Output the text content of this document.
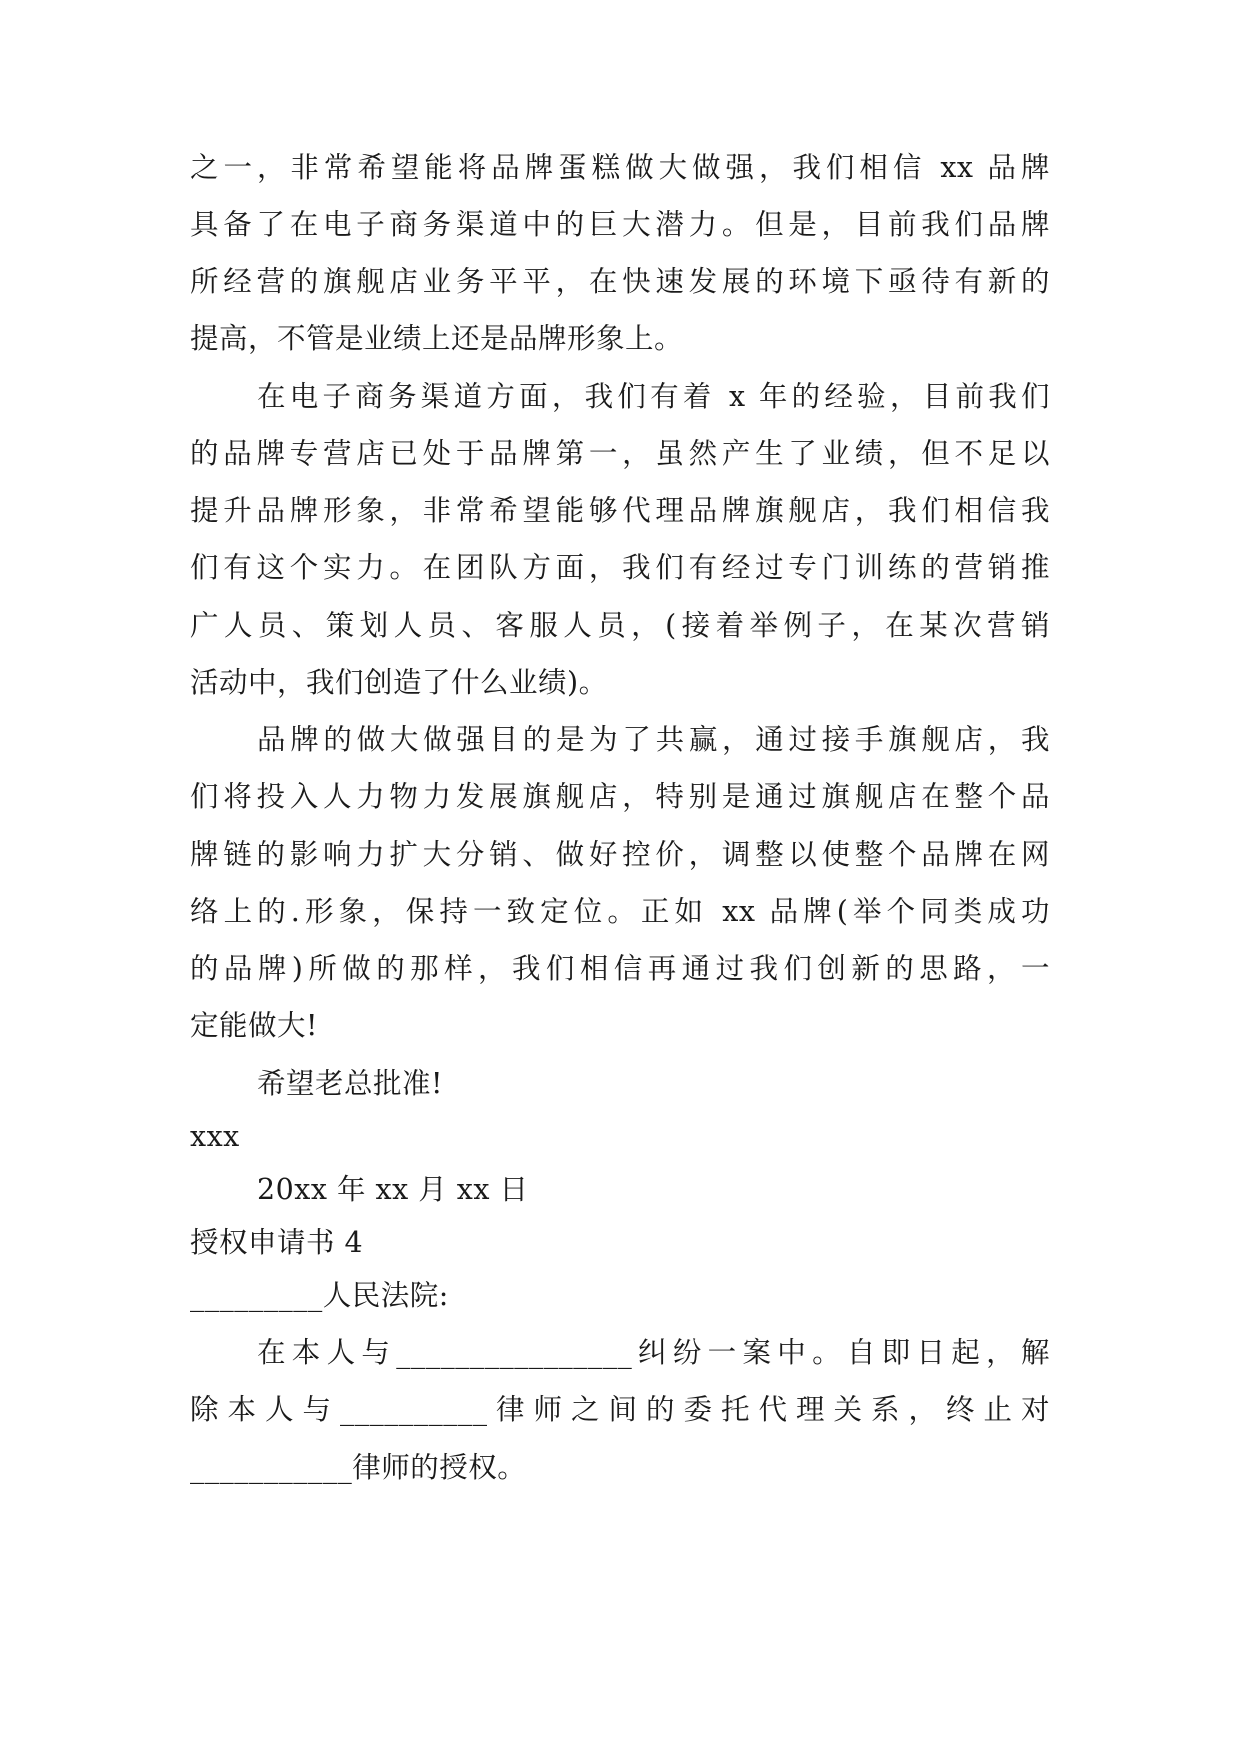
之一，非常希望能将品牌蛋糕做大做强，我们相信 xx 品牌
具备了在电子商务渠道中的巨大潜力。但是，目前我们品牌
所经营的旗舰店业务平平，在快速发展的环境下亟待有新的
提高，不管是业绩上还是品牌形象上。
在电子商务渠道方面，我们有着 x 年的经验，目前我们
的品牌专营店已处于品牌第一，虽然产生了业绩，但不足以
提升品牌形象，非常希望能够代理品牌旗舰店，我们相信我
们有这个实力。在团队方面，我们有经过专门训练的营销推
广人员、策划人员、客服人员，(接着举例子，在某次营销
活动中，我们创造了什么业绩)。
品牌的做大做强目的是为了共赢，通过接手旗舰店，我
们将投入人力物力发展旗舰店，特别是通过旗舰店在整个品
牌链的影响力扩大分销、做好控价，调整以使整个品牌在网
络上的.形象，保持一致定位。正如 xx 品牌(举个同类成功
的品牌)所做的那样，我们相信再通过我们创新的思路，一
定能做大!
希望老总批准!
xxx
20xx 年 xx 月 xx 日
授权申请书 4
_________人民法院:
在本人与________________纠纷一案中。自即日起，解
除本人与__________律师之间的委托代理关系，终止对
___________律师的授权。
